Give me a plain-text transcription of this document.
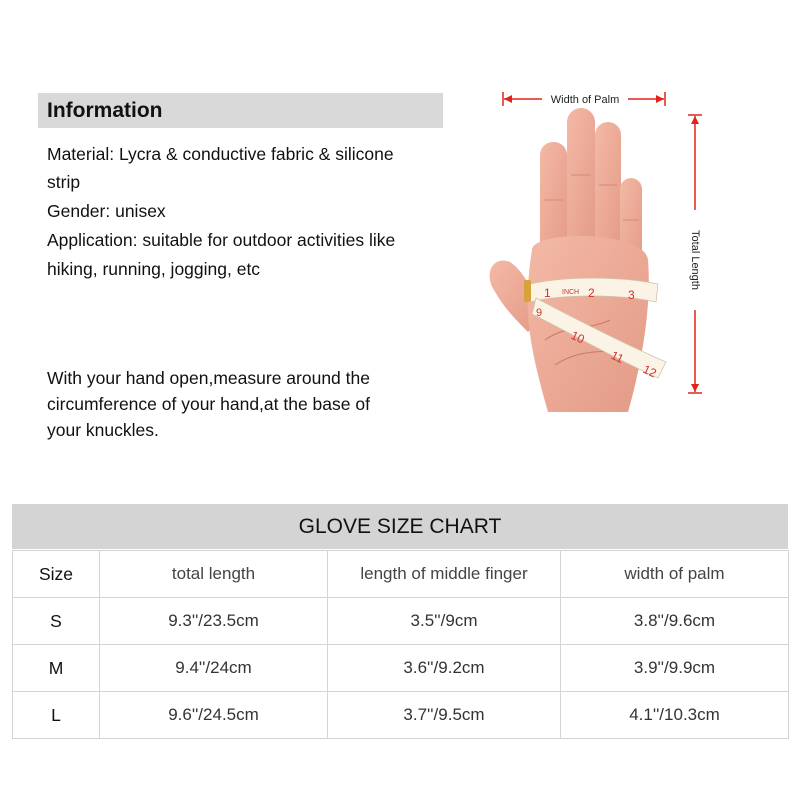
Information
Material: Lycra & conductive fabric & silicone
strip
Gender: unisex
Application: suitable for outdoor activities like
hiking, running, jogging, etc
With your hand open,measure around the
circumference of your hand,at the base of
your knuckles.
Width of Palm
Total Length
INCH
1	2	3
9
10
11
12
GLOVE SIZE CHART
Size	total length	length of middle finger	width of palm
S	9.3''/23.5cm	3.5''/9cm	3.8''/9.6cm
M	9.4''/24cm	3.6''/9.2cm	3.9''/9.9cm
L	9.6''/24.5cm	3.7''/9.5cm	4.1''/10.3cm
